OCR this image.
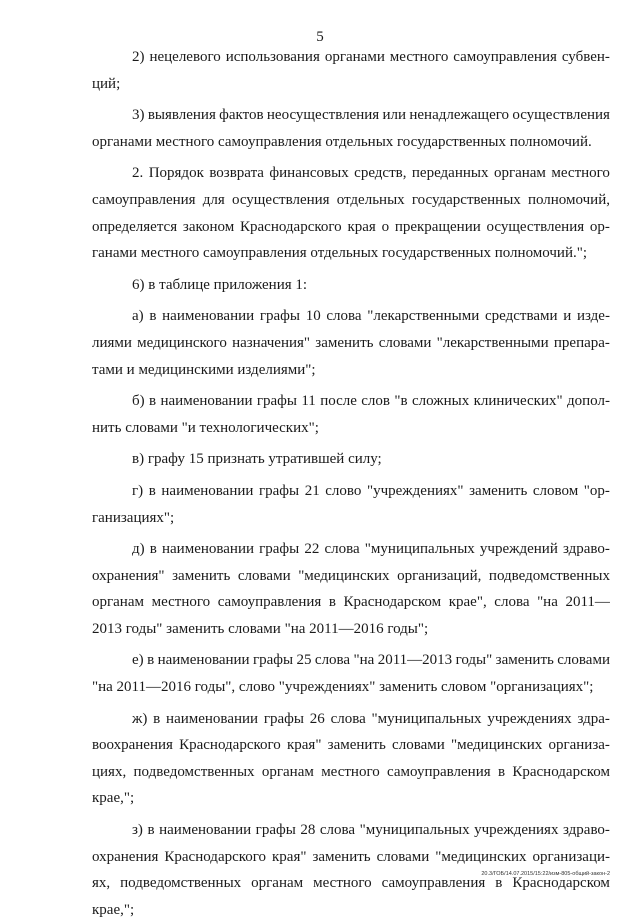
5
2) нецелевого использования органами местного самоуправления субвен-
ций;
3) выявления фактов неосуществления или ненадлежащего осуществления
органами местного самоуправления отдельных государственных полномочий.
2. Порядок возврата финансовых средств, переданных органам местного
самоуправления для осуществления отдельных государственных полномочий,
определяется законом Краснодарского края о прекращении осуществления ор-
ганами местного самоуправления отдельных государственных полномочий.";
6) в таблице приложения 1:
а) в наименовании графы 10 слова "лекарственными средствами и изде-
лиями медицинского назначения" заменить словами "лекарственными препара-
тами и медицинскими изделиями";
б) в наименовании графы 11 после слов "в сложных клинических" допол-
нить словами "и технологических";
в) графу 15 признать утратившей силу;
г) в наименовании графы 21 слово "учреждениях" заменить словом "ор-
ганизациях";
д) в наименовании графы 22 слова "муниципальных учреждений здраво-
охранения" заменить словами "медицинских организаций, подведомственных
органам местного самоуправления в Краснодарском крае", слова "на 2011—
2013 годы" заменить словами "на 2011—2016 годы";
е) в наименовании графы 25 слова "на 2011—2013 годы" заменить словами
"на 2011—2016 годы", слово "учреждениях" заменить словом "организациях";
ж) в наименовании графы 26 слова "муниципальных учреждениях здра-
воохранения Краснодарского края" заменить словами "медицинских организа-
циях, подведомственных органам местного самоуправления в Краснодарском
крае,";
з) в наименовании графы 28 слова "муниципальных учреждениях здраво-
охранения Краснодарского края" заменить словами "медицинских организаци-
ях, подведомственных органам местного самоуправления в Краснодарском
крае,";
20.3/ГОБ/14.07.2015/15:22/изм-805-общий-закон-2
